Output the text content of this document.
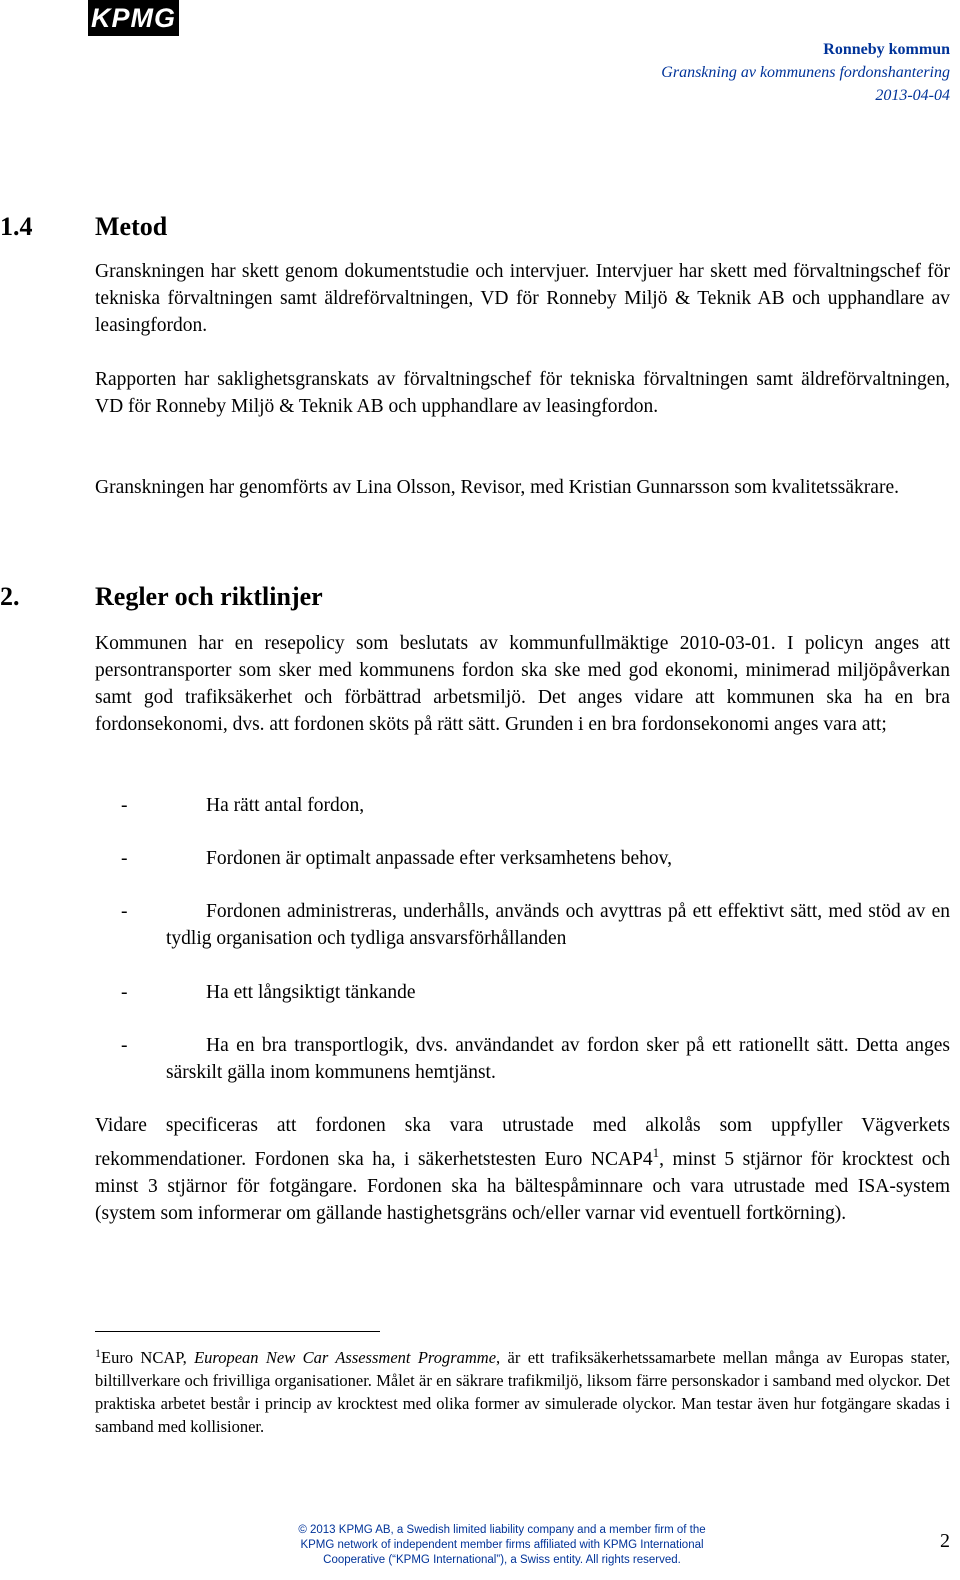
KPMG
Ronneby kommun
Granskning av kommunens fordonshantering
2013-04-04
1.4 Metod
Granskningen har skett genom dokumentstudie och intervjuer. Intervjuer har skett med förvaltningschef för tekniska förvaltningen samt äldreförvaltningen, VD för Ronneby Miljö & Teknik AB och upphandlare av leasingfordon.
Rapporten har saklighetsgranskats av förvaltningschef för tekniska förvaltningen samt äldreförvaltningen, VD för Ronneby Miljö & Teknik AB och upphandlare av leasingfordon.
Granskningen har genomförts av Lina Olsson, Revisor, med Kristian Gunnarsson som kvalitetssäkrare.
2.	Regler och riktlinjer
Kommunen har en resepolicy som beslutats av kommunfullmäktige 2010-03-01. I policyn anges att persontransporter som sker med kommunens fordon ska ske med god ekonomi, minimerad miljöpåverkan samt god trafiksäkerhet och förbättrad arbetsmiljö. Det anges vidare att kommunen ska ha en bra fordonsekonomi, dvs. att fordonen sköts på rätt sätt. Grunden i en bra fordonsekonomi anges vara att;
-	Ha rätt antal fordon,
-	Fordonen är optimalt anpassade efter verksamhetens behov,
-	Fordonen administreras, underhålls, används och avyttras på ett effektivt sätt, med stöd av en tydlig organisation och tydliga ansvarsförhållanden
-	Ha ett långsiktigt tänkande
-	Ha en bra transportlogik, dvs. användandet av fordon sker på ett rationellt sätt. Detta anges särskilt gälla inom kommunens hemtjänst.
Vidare specificeras att fordonen ska vara utrustade med alkolås som uppfyller Vägverkets rekommendationer. Fordonen ska ha, i säkerhetstesten Euro NCAP4$^1$, minst 5 stjärnor för krocktest och minst 3 stjärnor för fotgängare. Fordonen ska ha bältespåminnare och vara utrustade med ISA-system (system som informerar om gällande hastighetsgräns och/eller varnar vid eventuell fortkörning).
$^1$Euro NCAP, European New Car Assessment Programme, är ett trafiksäkerhetssamarbete mellan många av Europas stater, biltillverkare och frivilliga organisationer. Målet är en säkrare trafikmiljö, liksom färre personskador i samband med olyckor. Det praktiska arbetet består i princip av krocktest med olika former av simulerade olyckor. Man testar även hur fotgängare skadas i samband med kollisioner.
2
© 2013 KPMG AB, a Swedish limited liability company and a member firm of the
KPMG network of independent member firms affiliated with KPMG International
Cooperative (“KPMG International”), a Swiss entity. All rights reserved.
